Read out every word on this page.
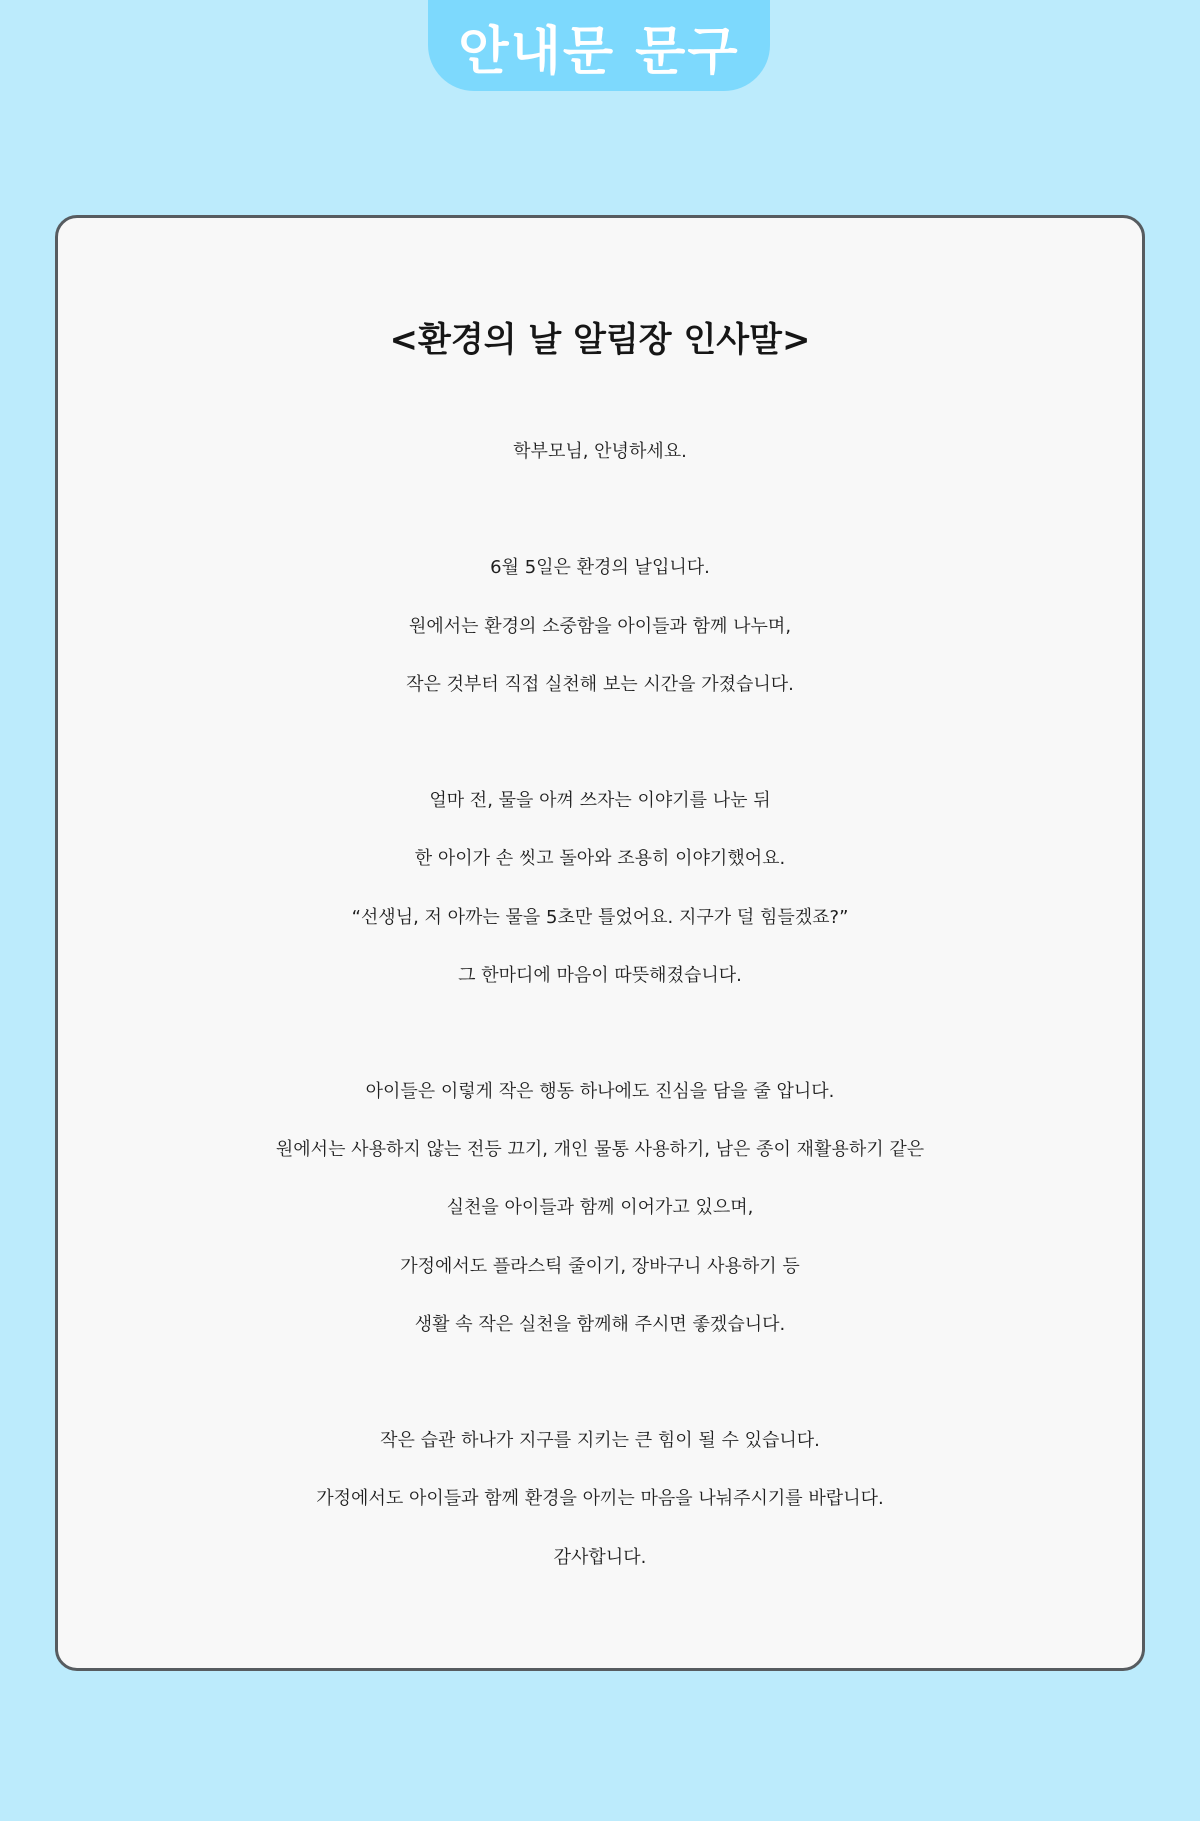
안내문 문구
<환경의 날 알림장 인사말>
학부모님, 안녕하세요.
6월 5일은 환경의 날입니다.
원에서는 환경의 소중함을 아이들과 함께 나누며,
작은 것부터 직접 실천해 보는 시간을 가졌습니다.
얼마 전, 물을 아껴 쓰자는 이야기를 나눈 뒤
한 아이가 손 씻고 돌아와 조용히 이야기했어요.
“선생님, 저 아까는 물을 5초만 틀었어요. 지구가 덜 힘들겠죠?”
그 한마디에 마음이 따뜻해졌습니다.
아이들은 이렇게 작은 행동 하나에도 진심을 담을 줄 압니다.
원에서는 사용하지 않는 전등 끄기, 개인 물통 사용하기, 남은 종이 재활용하기 같은
실천을 아이들과 함께 이어가고 있으며,
가정에서도 플라스틱 줄이기, 장바구니 사용하기 등
생활 속 작은 실천을 함께해 주시면 좋겠습니다.
작은 습관 하나가 지구를 지키는 큰 힘이 될 수 있습니다.
가정에서도 아이들과 함께 환경을 아끼는 마음을 나눠주시기를 바랍니다.
감사합니다.
